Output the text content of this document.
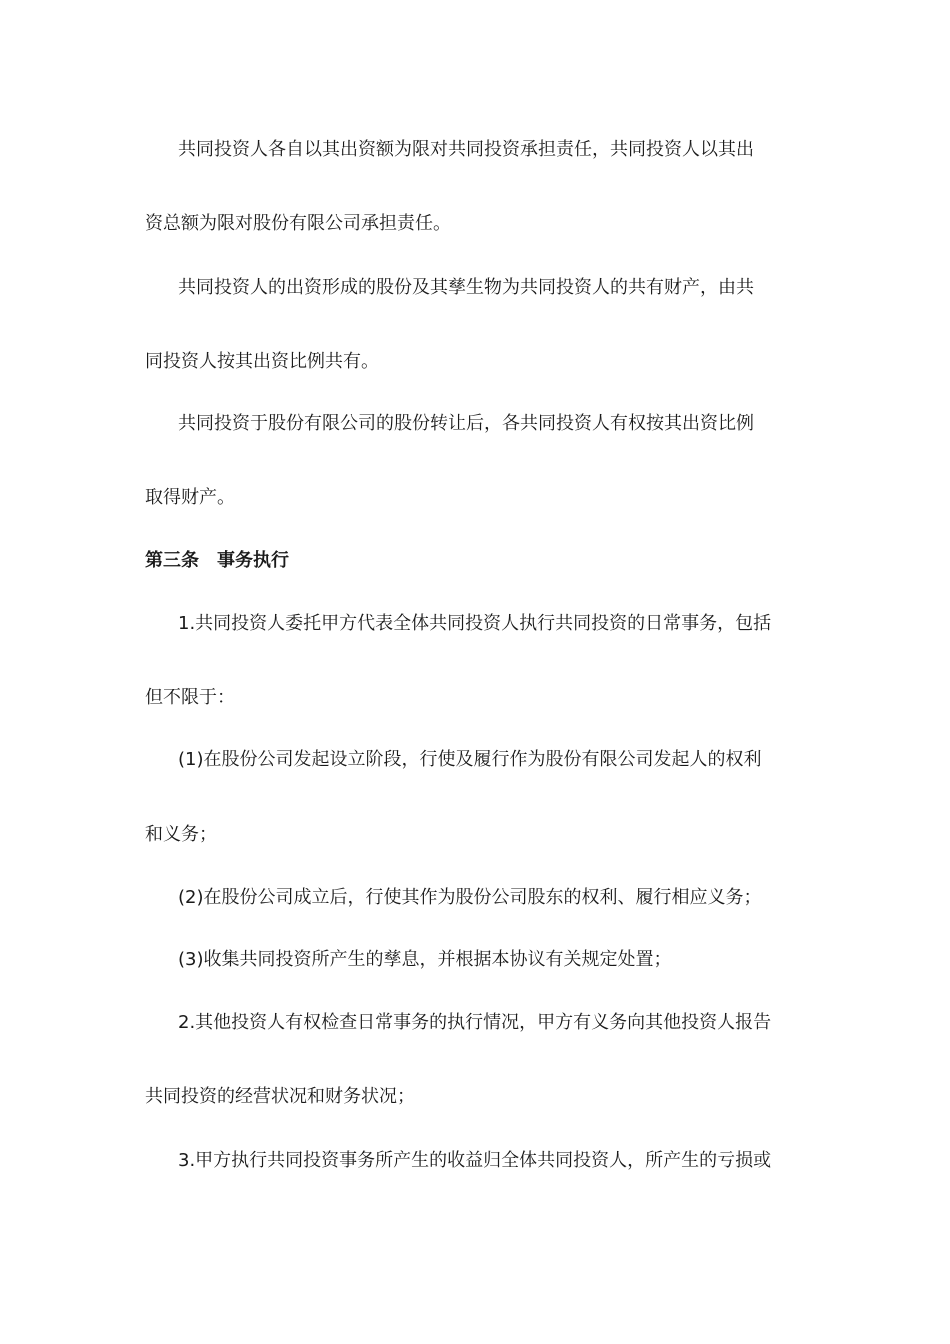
共同投资人各自以其出资额为限对共同投资承担责任，共同投资人以其出

资总额为限对股份有限公司承担责任。

共同投资人的出资形成的股份及其孳生物为共同投资人的共有财产，由共

同投资人按其出资比例共有。

共同投资于股份有限公司的股份转让后，各共同投资人有权按其出资比例

取得财产。

第三条　事务执行

1.共同投资人委托甲方代表全体共同投资人执行共同投资的日常事务，包括

但不限于：

(1)在股份公司发起设立阶段，行使及履行作为股份有限公司发起人的权利

和义务；

(2)在股份公司成立后，行使其作为股份公司股东的权利、履行相应义务；

(3)收集共同投资所产生的孳息，并根据本协议有关规定处置；

2.其他投资人有权检查日常事务的执行情况，甲方有义务向其他投资人报告

共同投资的经营状况和财务状况；

3.甲方执行共同投资事务所产生的收益归全体共同投资人，所产生的亏损或
